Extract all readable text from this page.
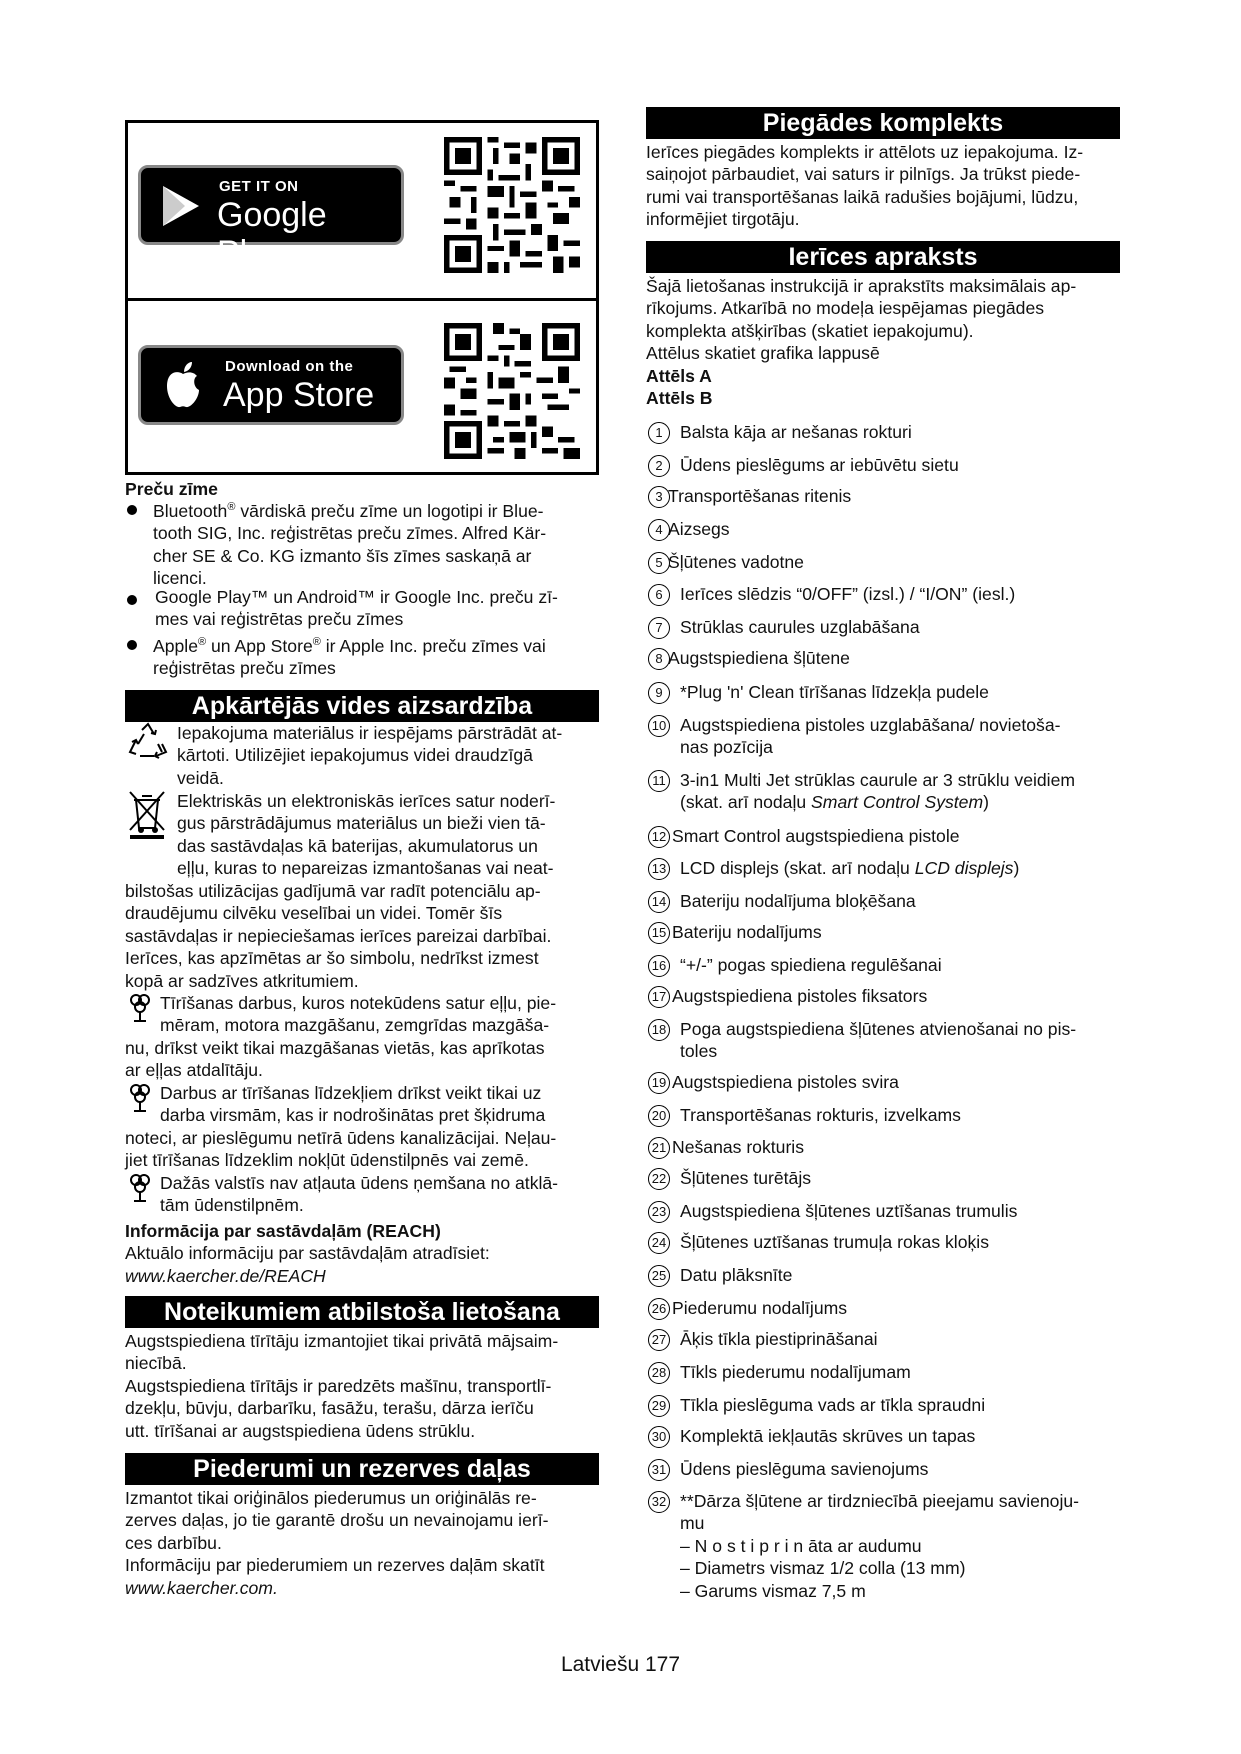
GET IT ON
Google Play
Download on the
App Store
Preču zīme
Bluetooth® vārdiskā preču zīme un logotipi ir Blue-
tooth SIG, Inc. reģistrētas preču zīmes. Alfred Kär-
cher SE & Co. KG izmanto šīs zīmes saskaņā ar
licenci.
Google Play™ un Android™ ir Google Inc. preču zī-
mes vai reģistrētas preču zīmes
Apple® un App Store® ir Apple Inc. preču zīmes vai
reģistrētas preču zīmes
Apkārtējās vides aizsardzība
Iepakojuma materiālus ir iespējams pārstrādāt at-
kārtoti. Utilizējiet iepakojumus videi draudzīgā
veidā.
Elektriskās un elektroniskās ierīces satur noderī-
gus pārstrādājumus materiālus un bieži vien tā-
das sastāvdaļas kā baterijas, akumulatorus un
eļļu, kuras to nepareizas izmantošanas vai neat-
bilstošas utilizācijas gadījumā var radīt potenciālu ap-
draudējumu cilvēku veselībai un videi. Tomēr šīs
sastāvdaļas ir nepieciešamas ierīces pareizai darbībai.
Ierīces, kas apzīmētas ar šo simbolu, nedrīkst izmest
kopā ar sadzīves atkritumiem.
Tīrīšanas darbus, kuros notekūdens satur eļļu, pie-
mēram, motora mazgāšanu, zemgrīdas mazgāša-
nu, drīkst veikt tikai mazgāšanas vietās, kas aprīkotas
ar eļļas atdalītāju.
Darbus ar tīrīšanas līdzekļiem drīkst veikt tikai uz
darba virsmām, kas ir nodrošinātas pret šķidruma
noteci, ar pieslēgumu netīrā ūdens kanalizācijai. Neļau-
jiet tīrīšanas līdzeklim nokļūt ūdenstilpnēs vai zemē.
Dažās valstīs nav atļauta ūdens ņemšana no atklā-
tām ūdenstilpnēm.
Informācija par sastāvdaļām (REACH)
Aktuālo informāciju par sastāvdaļām atradīsiet:
www.kaercher.de/REACH
Noteikumiem atbilstoša lietošana
Augstspiediena tīrītāju izmantojiet tikai privātā mājsaim-
niecībā.
Augstspiediena tīrītājs ir paredzēts mašīnu, transportlī-
dzekļu, būvju, darbarīku, fasāžu, terašu, dārza ierīču
utt. tīrīšanai ar augstspiediena ūdens strūklu.
Piederumi un rezerves daļas
Izmantot tikai oriģinālos piederumus un oriģinālās re-
zerves daļas, jo tie garantē drošu un nevainojamu ierī-
ces darbību.
Informāciju par piederumiem un rezerves daļām skatīt
www.kaercher.com.
Piegādes komplekts
Ierīces piegādes komplekts ir attēlots uz iepakojuma. Iz-
saiņojot pārbaudiet, vai saturs ir pilnīgs. Ja trūkst piede-
rumi vai transportēšanas laikā radušies bojājumi, lūdzu,
informējiet tirgotāju.
Ierīces apraksts
Šajā lietošanas instrukcijā ir aprakstīts maksimālais ap-
rīkojums. Atkarībā no modeļa iespējamas piegādes
komplekta atšķirības (skatiet iepakojumu).
Attēlus skatiet grafika lappusē
Attēls A
Attēls B
1 Balsta kāja ar nešanas rokturi
2 Ūdens pieslēgums ar iebūvētu sietu
3 Transportēšanas ritenis
4 Aizsegs
5 Šļūtenes vadotne
6 Ierīces slēdzis “0/OFF” (izsl.) / “I/ON” (iesl.)
7 Strūklas caurules uzglabāšana
8 Augstspiediena šļūtene
9 *Plug 'n' Clean tīrīšanas līdzekļa pudele
10 Augstspiediena pistoles uzglabāšana/ novietoša-
nas pozīcija
11 3-in1 Multi Jet strūklas caurule ar 3 strūklu veidiem
(skat. arī nodaļu Smart Control System)
12 Smart Control augstspiediena pistole
13 LCD displejs (skat. arī nodaļu LCD displejs)
14 Bateriju nodalījuma bloķēšana
15 Bateriju nodalījums
16 “+/-” pogas spiediena regulēšanai
17 Augstspiediena pistoles fiksators
18 Poga augstspiediena šļūtenes atvienošanai no pis-
toles
19 Augstspiediena pistoles svira
20 Transportēšanas rokturis, izvelkams
21 Nešanas rokturis
22 Šļūtenes turētājs
23 Augstspiediena šļūtenes uztīšanas trumulis
24 Šļūtenes uztīšanas trumuļa rokas kloķis
25 Datu plāksnīte
26 Piederumu nodalījums
27 Āķis tīkla piestiprināšanai
28 Tīkls piederumu nodalījumam
29 Tīkla pieslēguma vads ar tīkla spraudni
30 Komplektā iekļautās skrūves un tapas
31 Ūdens pieslēguma savienojums
32 **Dārza šļūtene ar tirdzniecībā pieejamu savienoju-
mu
– N o s t i p r i n āta ar audumu
– Diametrs vismaz 1/2 colla (13 mm)
– Garums vismaz 7,5 m
Latviešu 177
